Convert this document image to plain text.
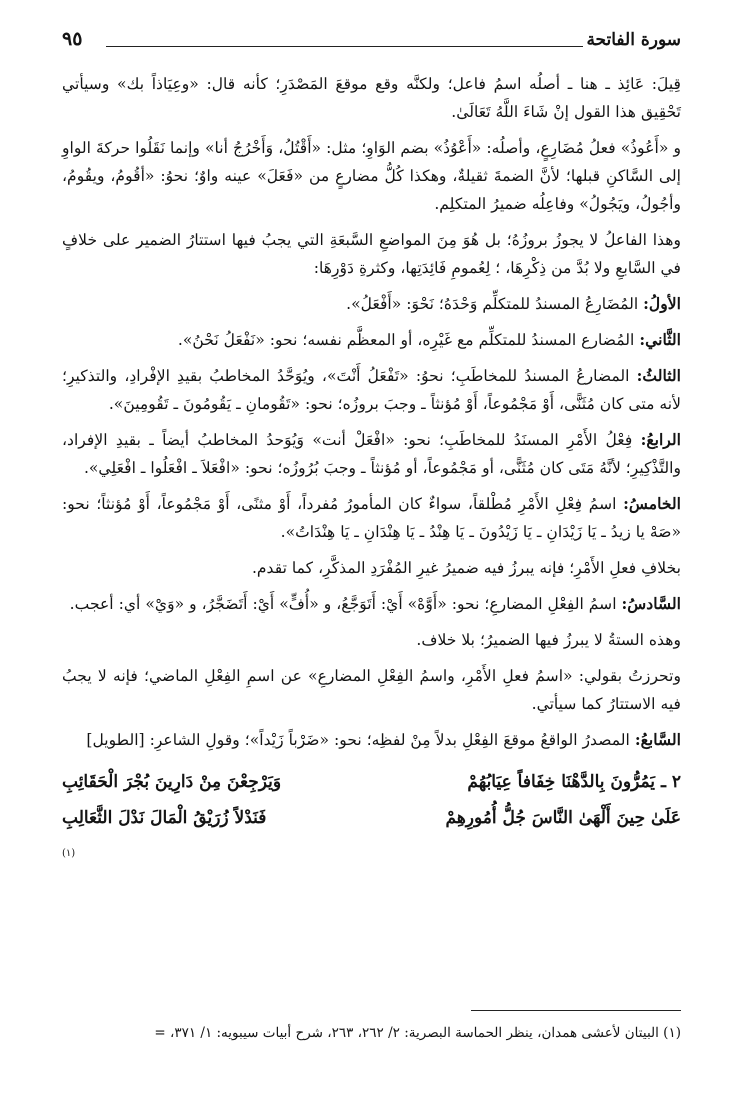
سورة الفاتحة
٩٥

قِيلَ: عَائِذ ـ هنا ـ أصلُه اسمُ فاعل؛ ولكنَّه وقع موقعَ المَصْدَرِ؛ كأنه قال: «وعِيَاذاً بك» وسيأتي تَحْقِيق هذا القول إنْ شَاءَ اللَّهُ تَعَالَىٰ.

و «أَعُوذُ» فعلُ مُضَارِعٍ، وأصلُه: «أَعْوُذُ» بضم الوَاوِ؛ مثل: «أَقْتُلُ، وَأَخْرُجُ أنا» وإنما نَقَلُوا حركةَ الواوِ إلى السَّاكنِ قبلها؛ لأنَّ الضمةَ ثقيلةٌ، وهكذا كُلُّ مضارعٍ من «فَعَلَ» عينه واوٌ؛ نحوُ: «أقُومُ، ويقُومُ، وأجُولُ، ويَجُولُ» وفاعِلُه ضميرُ المتكلِم.

وهذا الفاعلُ لا يجوزُ بروزُهُ؛ بل هُوَ مِنَ المواضعِ السَّبعَةِ التي يجبُ فيها استتارُ الضمير على خلافٍ في السَّابعِ ولا بُدَّ من ذِكْرِهَا، ؛ لِعُمومِ فَائِدَتِها، وكثرةِ دَوْرِهَا:

الأولُ: المُضَارِعُ المسندُ للمتكلِّم وَحْدَهُ؛ نَحْوَ: «أَفْعَلُ».

الثَّاني: المُضارع المسندُ للمتكلِّم مع غَيْرِه، أو المعظَّم نفسه؛ نحو: «نَفْعَلُ نَحْنُ».

الثالثُ: المضارعُ المسندُ للمخاطَبِ؛ نحوُ: «تَفْعَلُ أَنْتَ»، ويُوَحَّدُ المخاطبُ بقيدِ الإفْرادِ، والتذكيرِ؛ لأنه متى كان مُثَنًّى، أَوْ مَجْمُوعاً، أَوْ مُؤنثاً ـ وجبَ بروزُه؛ نحو: «تَقُومانِ ـ يَقُومُونَ ـ تَقُومِينَ».

الرابعُ: فِعْلُ الأَمْرِ المسنَدُ للمخاطَبِ؛ نحو: «افْعَلْ أنت» وَيُوَحدُ المخاطبُ أيضاً ـ بقيدِ الإفراد، والتَّذْكِيرِ؛ لأنَّهُ مَتَى كان مُثَنًّى، أو مَجْمُوعاً، أو مُؤنثاً ـ وجبَ بُرُوزُه؛ نحو: «افْعَلاَ ـ افْعَلُوا ـ افْعَلِي».

الخامسُ: اسمُ فِعْلِ الأَمْرِ مُطْلقاً، سواءٌ كان المأمورُ مُفرداً، أَوْ مثنًى، أَوْ مَجْمُوعاً، أَوْ مُؤنثاً؛ نحو: «صَهْ يا زيدُ ـ يَا زَيْدَانِ ـ يَا زَيْدُونَ ـ يَا هِنْدُ ـ يَا هِنْدَانِ ـ يَا هِنْدَاتُ».

بخلافِ فعلِ الأَمْرِ؛ فإنه يبرزُ فيه ضميرُ غيرِ المُفْرَدِ المذكَّرِ، كما تقدم.

السَّادسُ: اسمُ الفِعْلِ المضارعِ؛ نحو: «أَوَّهْ» أَيْ: أَتَوَجَّعُ، و «أُفٍّ» أَيْ: أَتَضَجَّرُ، و «وَيْ» أي: أعجب.

وهذه الستةُ لا يبرزُ فيها الضميرُ؛ بلا خلاف.

وتحرزتُ بقولي: «اسمُ فعلِ الأَمْرِ، واسمُ الفِعْلِ المضارعِ» عن اسمِ الفِعْلِ الماضي؛ فإنه لا يجبُ فيه الاستتارُ كما سيأتي.

السَّابعُ: المصدرُ الواقعُ موقعَ الفِعْلِ بدلاً مِنْ لفظِه؛ نحو: «ضَرْباً زَيْداً»؛ وقولِ الشاعرِ: [الطويل]

٢ ـ يَمُرُّونَ بِالدَّهْنَا خِفَافاً عِيَابُهُمْ
وَيَرْجِعْنَ مِنْ دَارِينَ بُجْرَ الْحَقَائِبِ
عَلَىٰ حِينَ أَلْهَىٰ النَّاسَ جُلُّ أُمُورِهِمْ
فَنَدْلاً زُرَيْقُ الْمَالَ نَدْلَ الثَّعَالِبِ
(١)
(١) البيتان لأعشى همدان، ينظر الحماسة البصرية: ٢/ ٢٦٢، ٢٦٣، شرح أبيات سيبويه: ١/ ٣٧١، =
